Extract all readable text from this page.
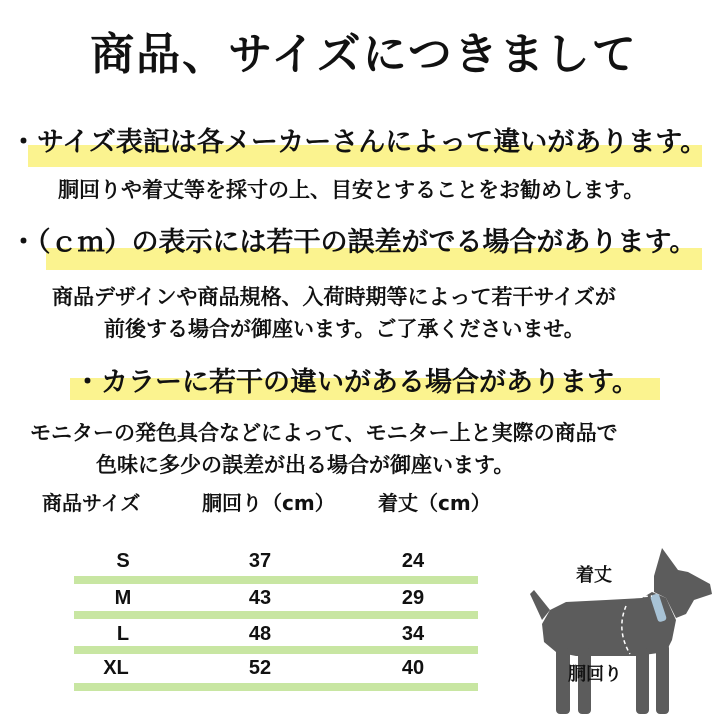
商品、サイズにつきまして
・サイズ表記は各メーカーさんによって違いがあります。
胴回りや着丈等を採寸の上、目安とすることをお勧めします。
・（ｃｍ）の表示には若干の誤差がでる場合があります。
商品デザインや商品規格、入荷時期等によって若干サイズが
前後する場合が御座います。ご了承くださいませ。
・カラーに若干の違いがある場合があります。
モニターの発色具合などによって、モニター上と実際の商品で
色味に多少の誤差が出る場合が御座います。
商品サイズ	胴回り（cm） 着丈（cm）
S	37	24
M	43	29
L	48	34
XL	52	40
着丈
胴回り
